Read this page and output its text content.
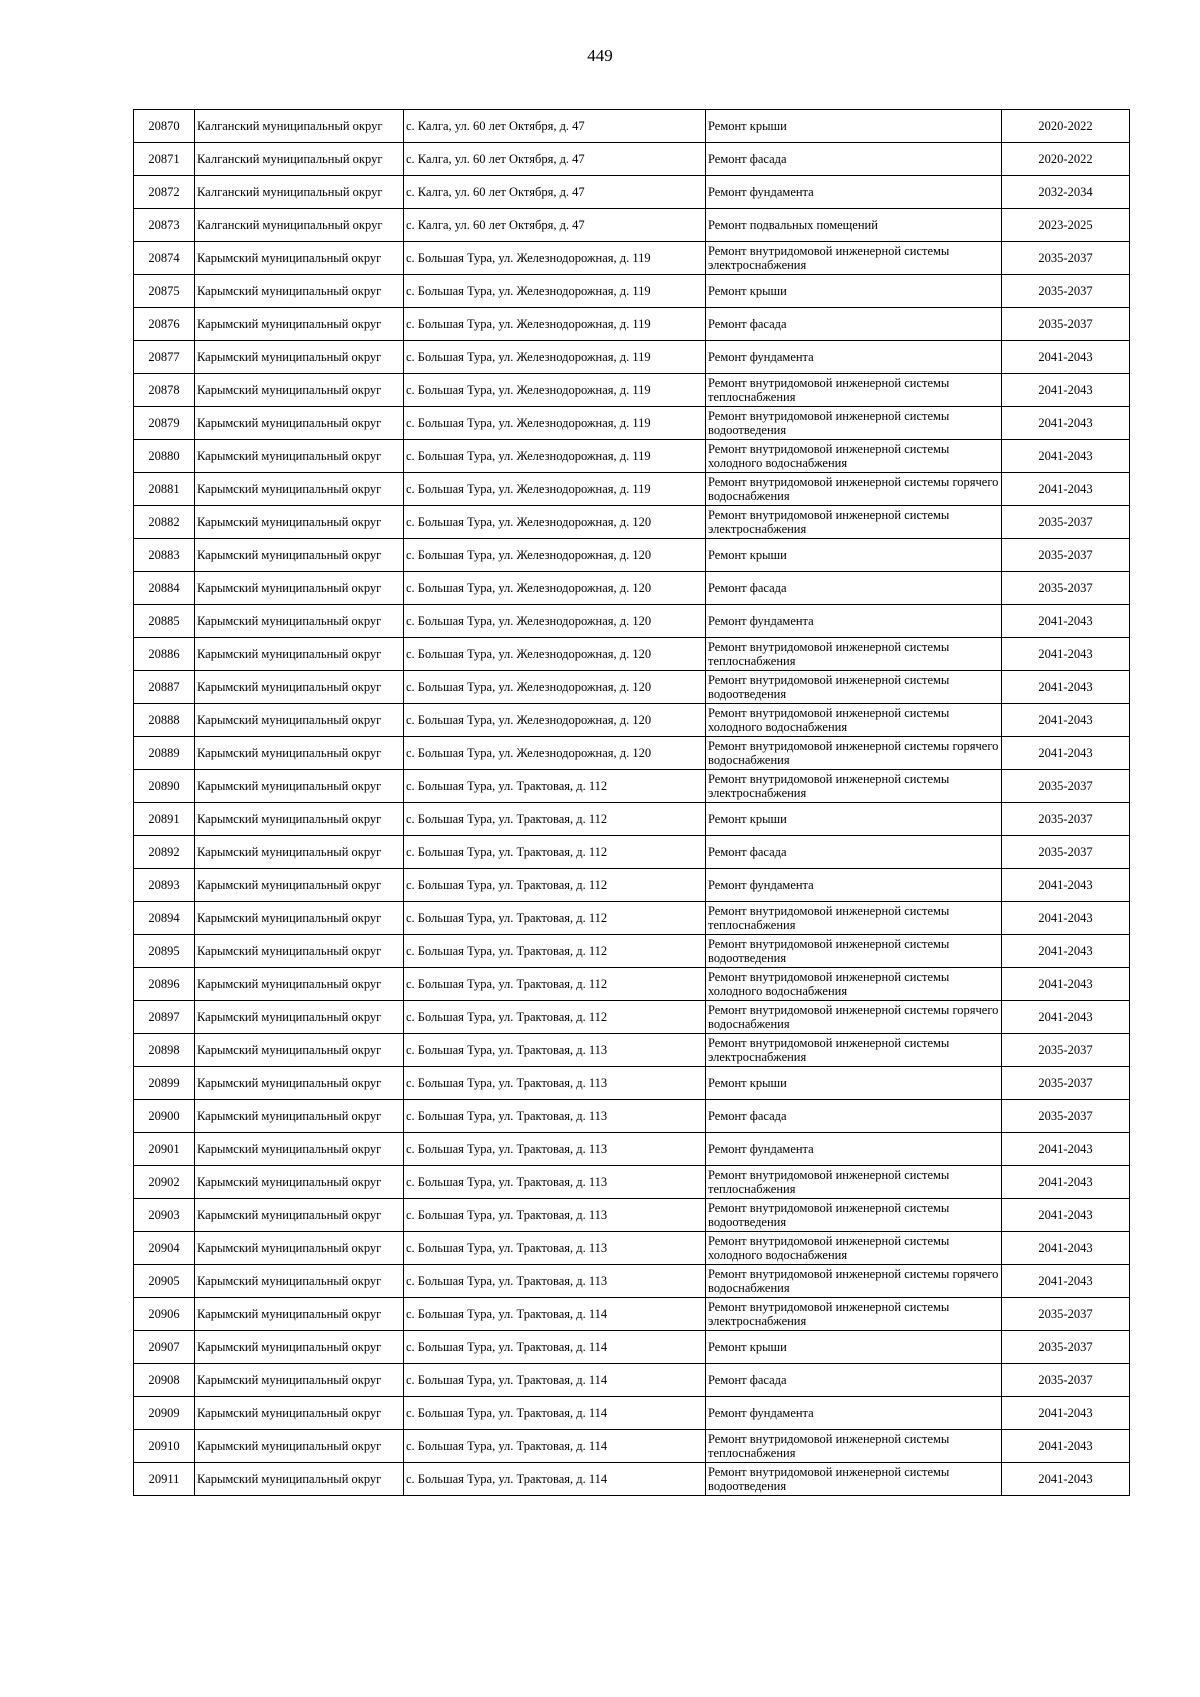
449
20870	Калганский муниципальный округ	с. Калга, ул. 60 лет Октября, д. 47	Ремонт крыши	2020-2022
20871	Калганский муниципальный округ	с. Калга, ул. 60 лет Октября, д. 47	Ремонт фасада	2020-2022
20872	Калганский муниципальный округ	с. Калга, ул. 60 лет Октября, д. 47	Ремонт фундамента	2032-2034
20873	Калганский муниципальный округ	с. Калга, ул. 60 лет Октября, д. 47	Ремонт подвальных помещений	2023-2025
20874	Карымский муниципальный округ	с. Большая Тура, ул. Железнодорожная, д. 119	Ремонт внутридомовой инженерной системы электроснабжения	2035-2037
20875	Карымский муниципальный округ	с. Большая Тура, ул. Железнодорожная, д. 119	Ремонт крыши	2035-2037
20876	Карымский муниципальный округ	с. Большая Тура, ул. Железнодорожная, д. 119	Ремонт фасада	2035-2037
20877	Карымский муниципальный округ	с. Большая Тура, ул. Железнодорожная, д. 119	Ремонт фундамента	2041-2043
20878	Карымский муниципальный округ	с. Большая Тура, ул. Железнодорожная, д. 119	Ремонт внутридомовой инженерной системы теплоснабжения	2041-2043
20879	Карымский муниципальный округ	с. Большая Тура, ул. Железнодорожная, д. 119	Ремонт внутридомовой инженерной системы водоотведения	2041-2043
20880	Карымский муниципальный округ	с. Большая Тура, ул. Железнодорожная, д. 119	Ремонт внутридомовой инженерной системы холодного водоснабжения	2041-2043
20881	Карымский муниципальный округ	с. Большая Тура, ул. Железнодорожная, д. 119	Ремонт внутридомовой инженерной системы горячего водоснабжения	2041-2043
20882	Карымский муниципальный округ	с. Большая Тура, ул. Железнодорожная, д. 120	Ремонт внутридомовой инженерной системы электроснабжения	2035-2037
20883	Карымский муниципальный округ	с. Большая Тура, ул. Железнодорожная, д. 120	Ремонт крыши	2035-2037
20884	Карымский муниципальный округ	с. Большая Тура, ул. Железнодорожная, д. 120	Ремонт фасада	2035-2037
20885	Карымский муниципальный округ	с. Большая Тура, ул. Железнодорожная, д. 120	Ремонт фундамента	2041-2043
20886	Карымский муниципальный округ	с. Большая Тура, ул. Железнодорожная, д. 120	Ремонт внутридомовой инженерной системы теплоснабжения	2041-2043
20887	Карымский муниципальный округ	с. Большая Тура, ул. Железнодорожная, д. 120	Ремонт внутридомовой инженерной системы водоотведения	2041-2043
20888	Карымский муниципальный округ	с. Большая Тура, ул. Железнодорожная, д. 120	Ремонт внутридомовой инженерной системы холодного водоснабжения	2041-2043
20889	Карымский муниципальный округ	с. Большая Тура, ул. Железнодорожная, д. 120	Ремонт внутридомовой инженерной системы горячего водоснабжения	2041-2043
20890	Карымский муниципальный округ	с. Большая Тура, ул. Трактовая, д. 112	Ремонт внутридомовой инженерной системы электроснабжения	2035-2037
20891	Карымский муниципальный округ	с. Большая Тура, ул. Трактовая, д. 112	Ремонт крыши	2035-2037
20892	Карымский муниципальный округ	с. Большая Тура, ул. Трактовая, д. 112	Ремонт фасада	2035-2037
20893	Карымский муниципальный округ	с. Большая Тура, ул. Трактовая, д. 112	Ремонт фундамента	2041-2043
20894	Карымский муниципальный округ	с. Большая Тура, ул. Трактовая, д. 112	Ремонт внутридомовой инженерной системы теплоснабжения	2041-2043
20895	Карымский муниципальный округ	с. Большая Тура, ул. Трактовая, д. 112	Ремонт внутридомовой инженерной системы водоотведения	2041-2043
20896	Карымский муниципальный округ	с. Большая Тура, ул. Трактовая, д. 112	Ремонт внутридомовой инженерной системы холодного водоснабжения	2041-2043
20897	Карымский муниципальный округ	с. Большая Тура, ул. Трактовая, д. 112	Ремонт внутридомовой инженерной системы горячего водоснабжения	2041-2043
20898	Карымский муниципальный округ	с. Большая Тура, ул. Трактовая, д. 113	Ремонт внутридомовой инженерной системы электроснабжения	2035-2037
20899	Карымский муниципальный округ	с. Большая Тура, ул. Трактовая, д. 113	Ремонт крыши	2035-2037
20900	Карымский муниципальный округ	с. Большая Тура, ул. Трактовая, д. 113	Ремонт фасада	2035-2037
20901	Карымский муниципальный округ	с. Большая Тура, ул. Трактовая, д. 113	Ремонт фундамента	2041-2043
20902	Карымский муниципальный округ	с. Большая Тура, ул. Трактовая, д. 113	Ремонт внутридомовой инженерной системы теплоснабжения	2041-2043
20903	Карымский муниципальный округ	с. Большая Тура, ул. Трактовая, д. 113	Ремонт внутридомовой инженерной системы водоотведения	2041-2043
20904	Карымский муниципальный округ	с. Большая Тура, ул. Трактовая, д. 113	Ремонт внутридомовой инженерной системы холодного водоснабжения	2041-2043
20905	Карымский муниципальный округ	с. Большая Тура, ул. Трактовая, д. 113	Ремонт внутридомовой инженерной системы горячего водоснабжения	2041-2043
20906	Карымский муниципальный округ	с. Большая Тура, ул. Трактовая, д. 114	Ремонт внутридомовой инженерной системы электроснабжения	2035-2037
20907	Карымский муниципальный округ	с. Большая Тура, ул. Трактовая, д. 114	Ремонт крыши	2035-2037
20908	Карымский муниципальный округ	с. Большая Тура, ул. Трактовая, д. 114	Ремонт фасада	2035-2037
20909	Карымский муниципальный округ	с. Большая Тура, ул. Трактовая, д. 114	Ремонт фундамента	2041-2043
20910	Карымский муниципальный округ	с. Большая Тура, ул. Трактовая, д. 114	Ремонт внутридомовой инженерной системы теплоснабжения	2041-2043
20911	Карымский муниципальный округ	с. Большая Тура, ул. Трактовая, д. 114	Ремонт внутридомовой инженерной системы водоотведения	2041-2043
